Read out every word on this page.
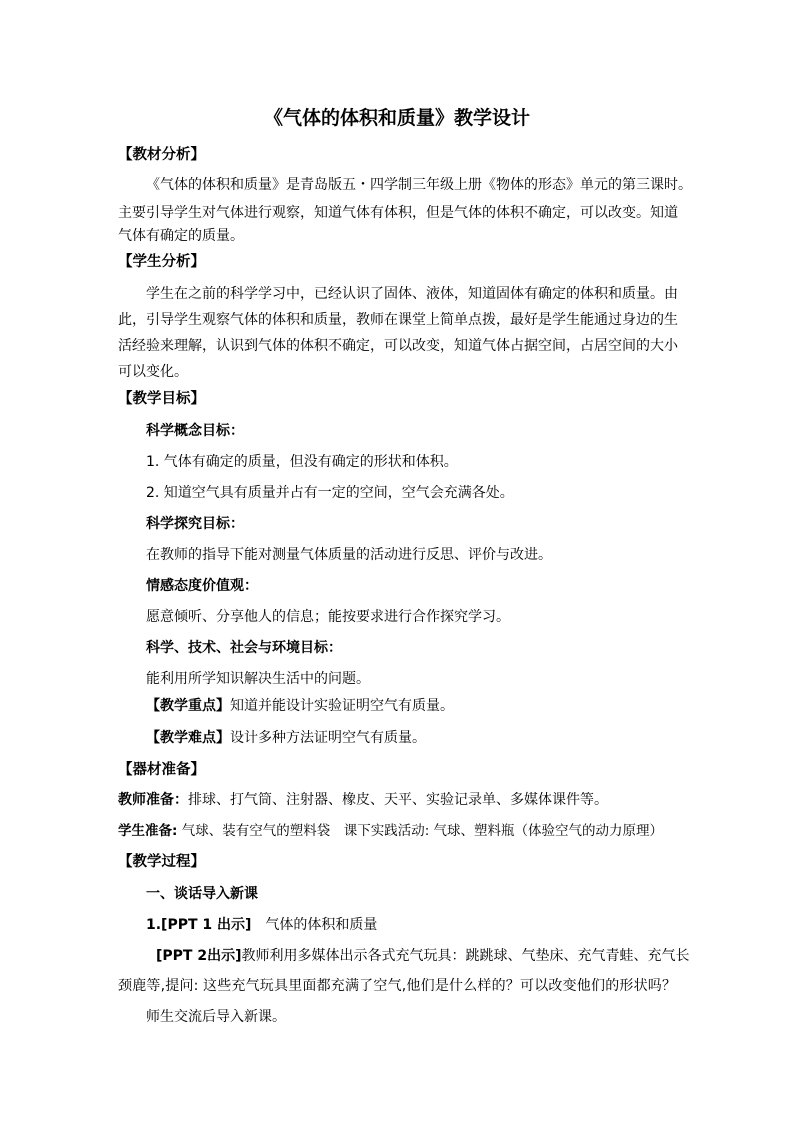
《气体的体积和质量》教学设计
【教材分析】
《气体的体积和质量》是青岛版五・四学制三年级上册《物体的形态》单元的第三课时。
主要引导学生对气体进行观察，知道气体有体积，但是气体的体积不确定，可以改变。知道
气体有确定的质量。
【学生分析】
学生在之前的科学学习中，已经认识了固体、液体，知道固体有确定的体积和质量。由
此，引导学生观察气体的体积和质量，教师在课堂上简单点拨，最好是学生能通过身边的生
活经验来理解，认识到气体的体积不确定，可以改变，知道气体占据空间，占居空间的大小
可以变化。
【教学目标】
科学概念目标：
1. 气体有确定的质量，但没有确定的形状和体积。
2. 知道空气具有质量并占有一定的空间，空气会充满各处。
科学探究目标：
在教师的指导下能对测量气体质量的活动进行反思、评价与改进。
情感态度价值观：
愿意倾听、分享他人的信息；能按要求进行合作探究学习。
科学、技术、社会与环境目标：
能利用所学知识解决生活中的问题。
【教学重点】知道并能设计实验证明空气有质量。
【教学难点】设计多种方法证明空气有质量。
【器材准备】
教师准备：排球、打气筒、注射器、橡皮、天平、实验记录单、多媒体课件等。
学生准备: 气球、装有空气的塑料袋　课下实践活动: 气球、塑料瓶（体验空气的动力原理）
【教学过程】
一、谈话导入新课
1.[PPT 1 出示]　气体的体积和质量
[PPT 2出示]教师利用多媒体出示各式充气玩具：跳跳球、气垫床、充气青蛙、充气长
颈鹿等,提问: 这些充气玩具里面都充满了空气,他们是什么样的？可以改变他们的形状吗？
师生交流后导入新课。
